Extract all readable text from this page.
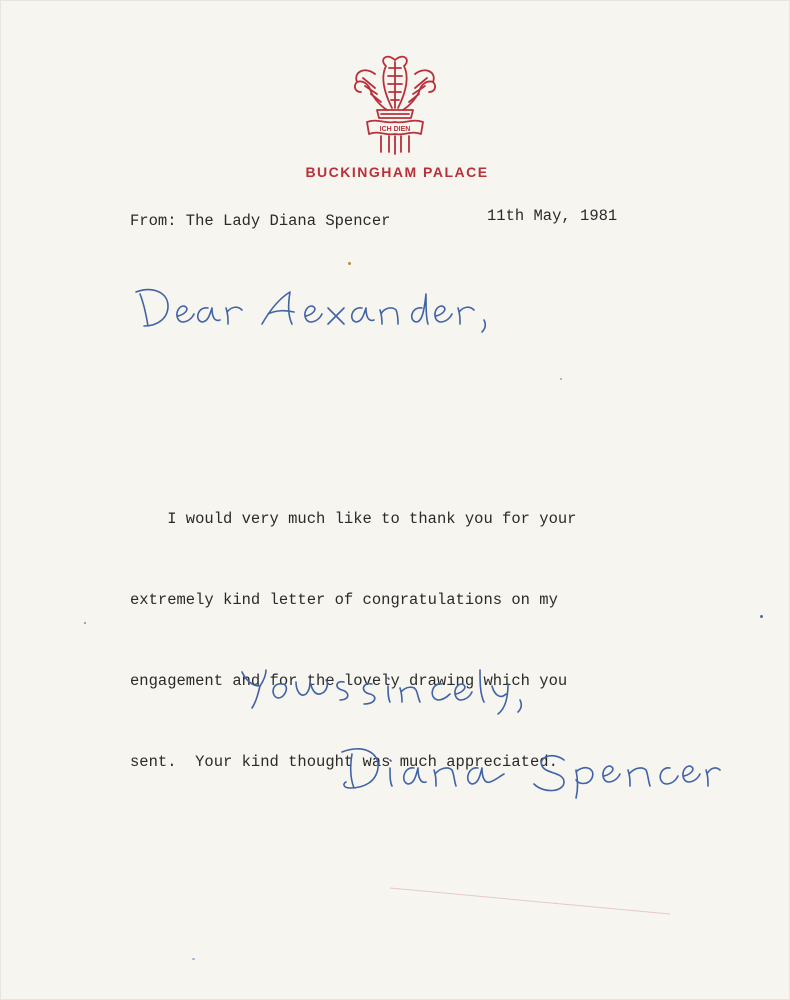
ICH DIEN
BUCKINGHAM PALACE
From: The Lady Diana Spencer	11th May, 1981

I would very much like to thank you for your

extremely kind letter of congratulations on my

engagement and for the lovely drawing which you

sent.  Your kind thought was much appreciated.
